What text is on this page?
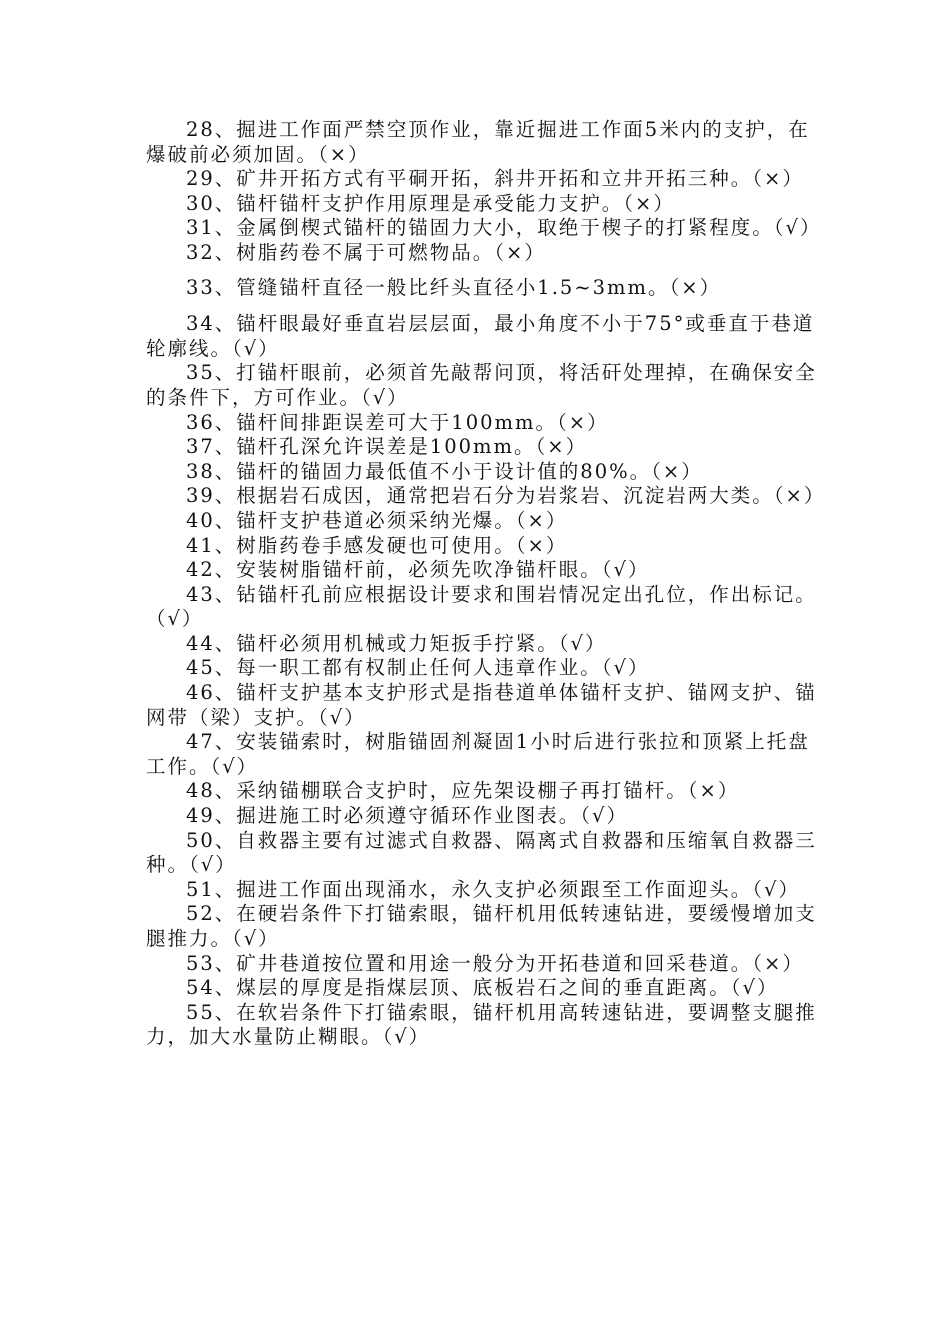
28、掘进工作面严禁空顶作业，靠近掘进工作面5米内的支护，在爆破前必须加固。（×）

29、矿井开拓方式有平硐开拓，斜井开拓和立井开拓三种。（×）

30、锚杆锚杆支护作用原理是承受能力支护。（×）

31、金属倒楔式锚杆的锚固力大小，取绝于楔子的打紧程度。（√）

32、树脂药卷不属于可燃物品。（×）

33、管缝锚杆直径一般比纤头直径小1.5~3mm。（×）

34、锚杆眼最好垂直岩层层面，最小角度不小于75°或垂直于巷道轮廓线。（√）

35、打锚杆眼前，必须首先敲帮问顶，将活矸处理掉，在确保安全的条件下，方可作业。（√）

36、锚杆间排距误差可大于100mm。（×）

37、锚杆孔深允许误差是100mm。（×）

38、锚杆的锚固力最低值不小于设计值的80%。（×）

39、根据岩石成因，通常把岩石分为岩浆岩、沉淀岩两大类。（×）

40、锚杆支护巷道必须采纳光爆。（×）

41、树脂药卷手感发硬也可使用。（×）

42、安装树脂锚杆前，必须先吹净锚杆眼。（√）

43、钻锚杆孔前应根据设计要求和围岩情况定出孔位，作出标记。（√）

44、锚杆必须用机械或力矩扳手拧紧。（√）

45、每一职工都有权制止任何人违章作业。（√）

46、锚杆支护基本支护形式是指巷道单体锚杆支护、锚网支护、锚网带（梁）支护。（√）

47、安装锚索时，树脂锚固剂凝固1小时后进行张拉和顶紧上托盘工作。（√）

48、采纳锚棚联合支护时，应先架设棚子再打锚杆。（×）

49、掘进施工时必须遵守循环作业图表。（√）

50、自救器主要有过滤式自救器、隔离式自救器和压缩氧自救器三种。（√）

51、掘进工作面出现涌水，永久支护必须跟至工作面迎头。（√）

52、在硬岩条件下打锚索眼，锚杆机用低转速钻进，要缓慢增加支腿推力。（√）

53、矿井巷道按位置和用途一般分为开拓巷道和回采巷道。（×）

54、煤层的厚度是指煤层顶、底板岩石之间的垂直距离。（√）

55、在软岩条件下打锚索眼，锚杆机用高转速钻进，要调整支腿推力，加大水量防止糊眼。（√）
